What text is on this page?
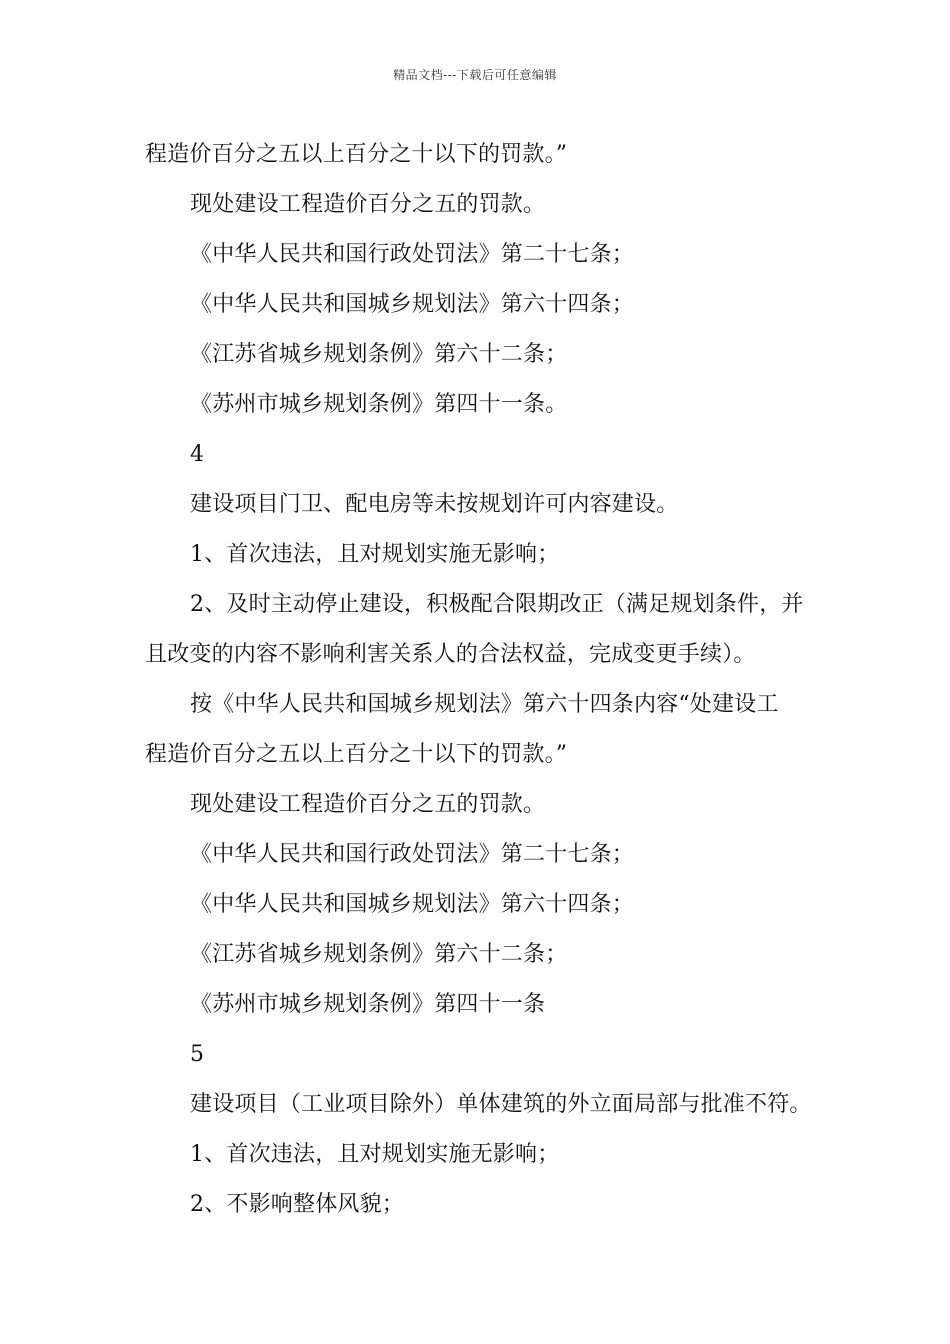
精品文档---下载后可任意编辑
程造价百分之五以上百分之十以下的罚款。”
现处建设工程造价百分之五的罚款。
《中华人民共和国行政处罚法》第二十七条；
《中华人民共和国城乡规划法》第六十四条；
《江苏省城乡规划条例》第六十二条；
《苏州市城乡规划条例》第四十一条。
4
建设项目门卫、配电房等未按规划许可内容建设。
1、首次违法，且对规划实施无影响；
2、及时主动停止建设，积极配合限期改正（满足规划条件，并
且改变的内容不影响利害关系人的合法权益，完成变更手续）。
按《中华人民共和国城乡规划法》第六十四条内容“处建设工
程造价百分之五以上百分之十以下的罚款。”
现处建设工程造价百分之五的罚款。
《中华人民共和国行政处罚法》第二十七条；
《中华人民共和国城乡规划法》第六十四条；
《江苏省城乡规划条例》第六十二条；
《苏州市城乡规划条例》第四十一条
5
建设项目（工业项目除外）单体建筑的外立面局部与批准不符。
1、首次违法，且对规划实施无影响；
2、不影响整体风貌；
